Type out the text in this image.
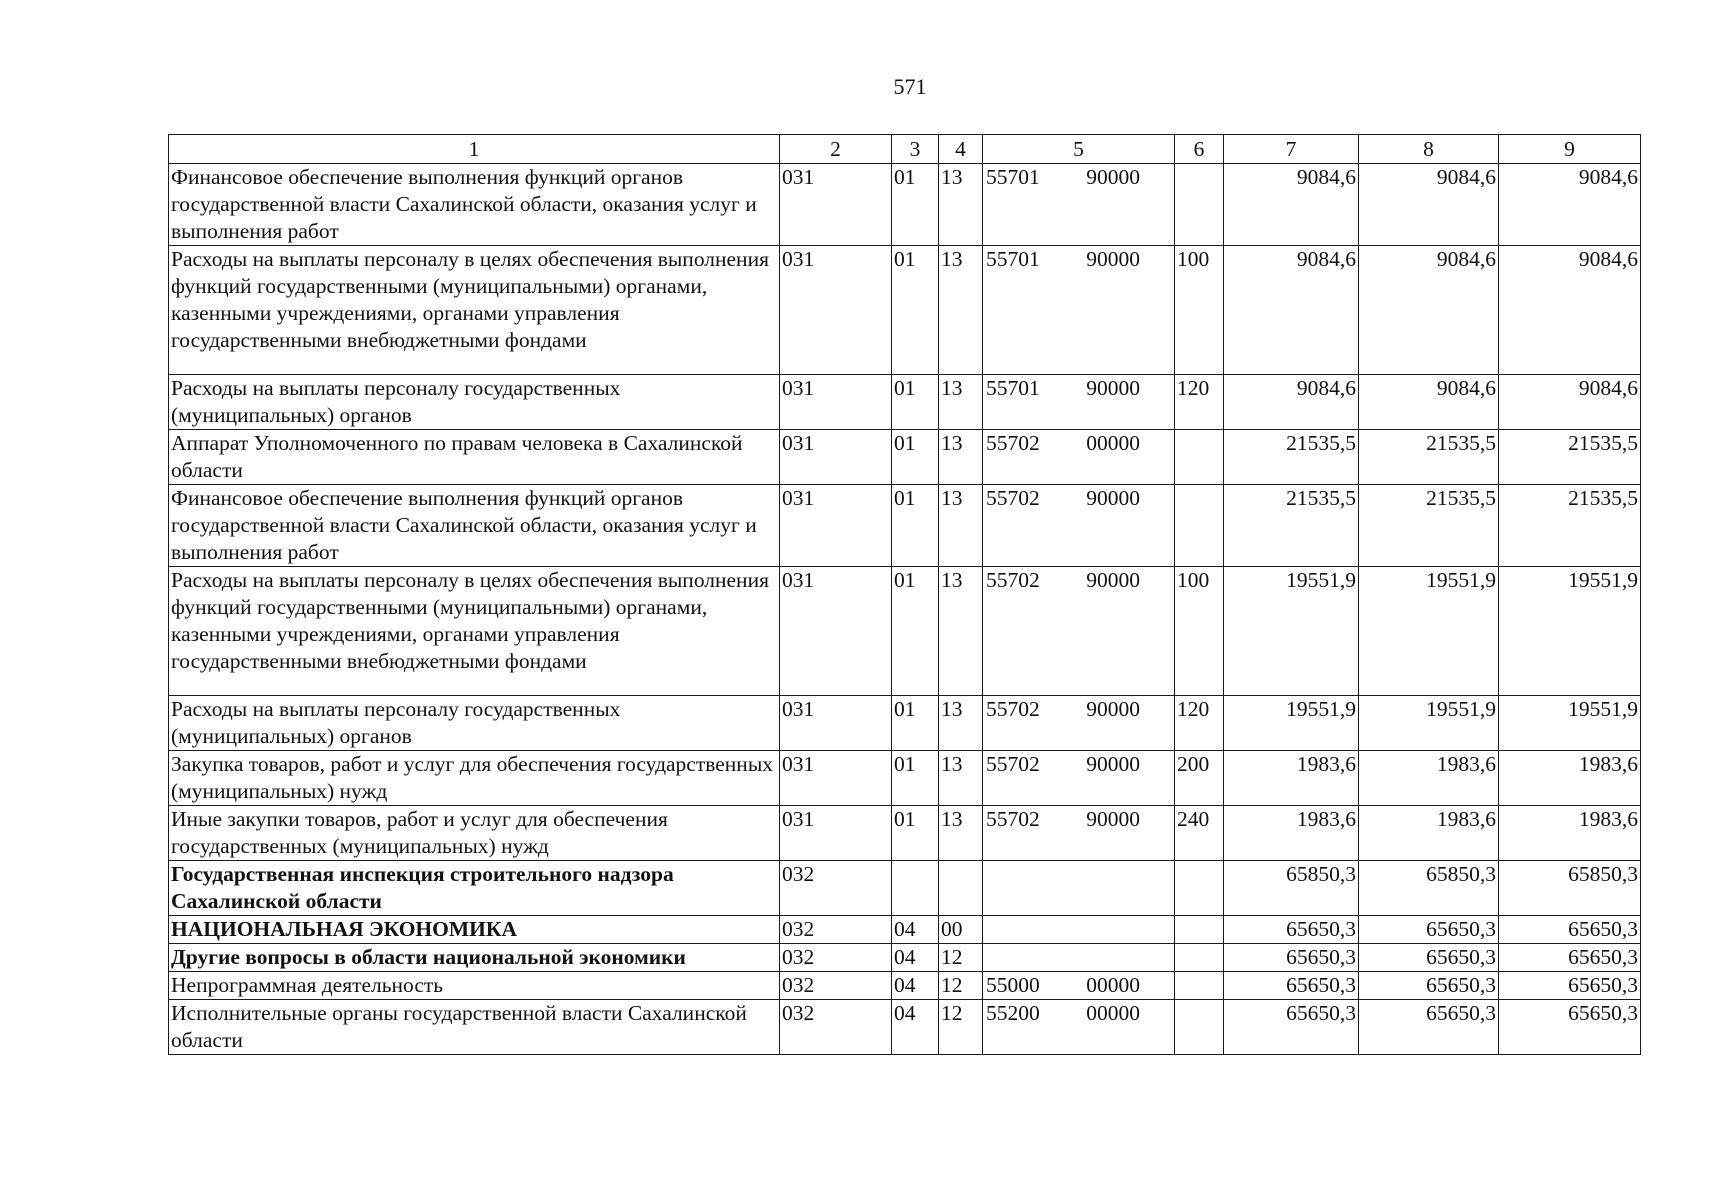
571
1	2	3	4	5	6	7	8	9
Финансовое обеспечение выполнения функций органов государственной власти Сахалинской области, оказания услуг и выполнения работ	031	01	13	55701 90000		9084,6	9084,6	9084,6
Расходы на выплаты персоналу в целях обеспечения выполнения функций государственными (муниципальными) органами, казенными учреждениями, органами управления государственными внебюджетными фондами	031	01	13	55701 90000	100	9084,6	9084,6	9084,6
Расходы на выплаты персоналу государственных (муниципальных) органов	031	01	13	55701 90000	120	9084,6	9084,6	9084,6
Аппарат Уполномоченного по правам человека в Сахалинской области	031	01	13	55702 00000		21535,5	21535,5	21535,5
Финансовое обеспечение выполнения функций органов государственной власти Сахалинской области, оказания услуг и выполнения работ	031	01	13	55702 90000		21535,5	21535,5	21535,5
Расходы на выплаты персоналу в целях обеспечения выполнения функций государственными (муниципальными) органами, казенными учреждениями, органами управления государственными внебюджетными фондами	031	01	13	55702 90000	100	19551,9	19551,9	19551,9
Расходы на выплаты персоналу государственных (муниципальных) органов	031	01	13	55702 90000	120	19551,9	19551,9	19551,9
Закупка товаров, работ и услуг для обеспечения государственных (муниципальных) нужд	031	01	13	55702 90000	200	1983,6	1983,6	1983,6
Иные закупки товаров, работ и услуг для обеспечения государственных (муниципальных) нужд	031	01	13	55702 90000	240	1983,6	1983,6	1983,6
Государственная инспекция строительного надзора Сахалинской области	032					65850,3	65850,3	65850,3
НАЦИОНАЛЬНАЯ ЭКОНОМИКА	032	04	00			65650,3	65650,3	65650,3
Другие вопросы в области национальной экономики	032	04	12			65650,3	65650,3	65650,3
Непрограммная деятельность	032	04	12	55000 00000		65650,3	65650,3	65650,3
Исполнительные органы государственной власти Сахалинской области	032	04	12	55200 00000		65650,3	65650,3	65650,3
